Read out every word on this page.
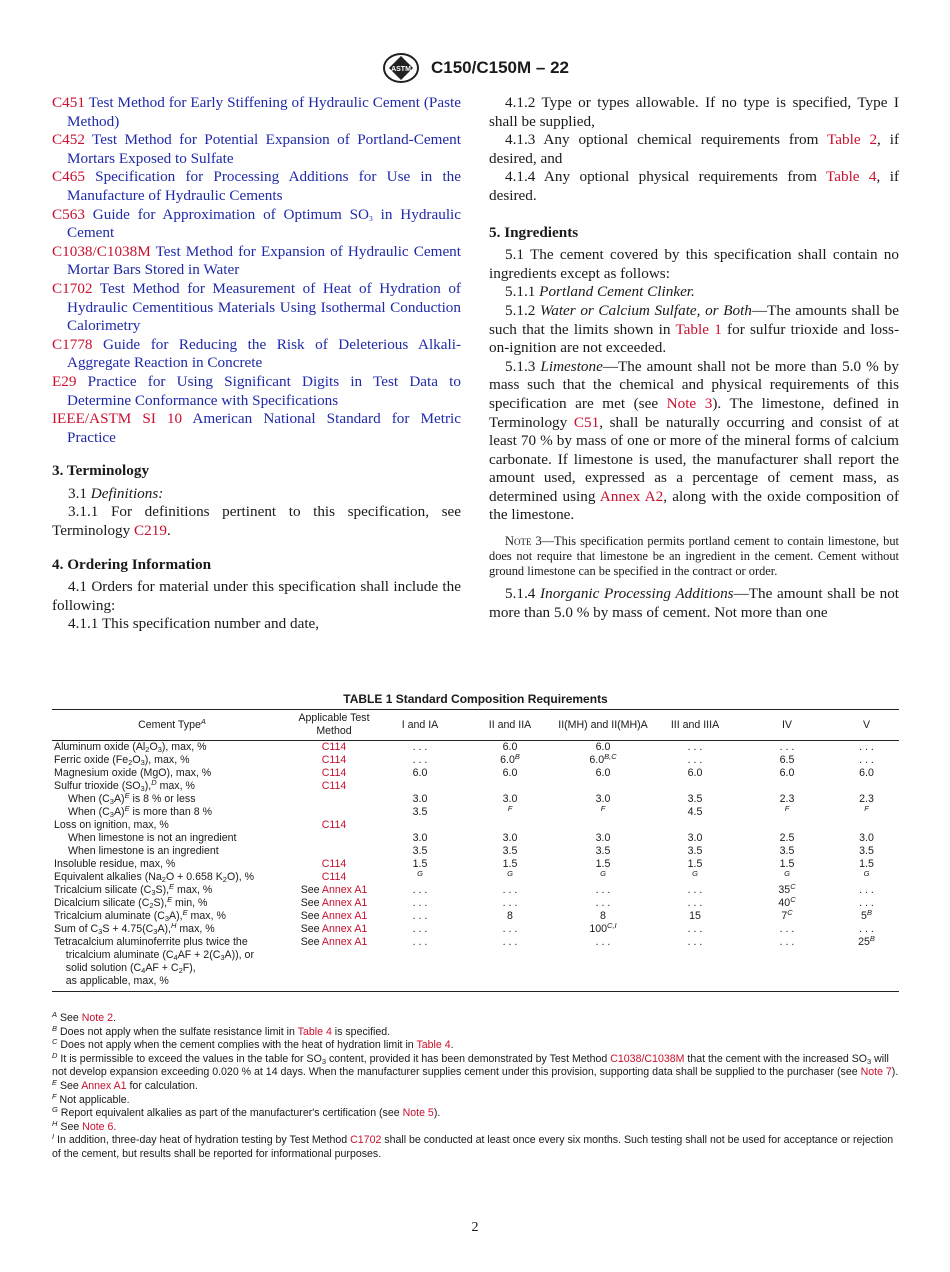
ASTM C150/C150M – 22

C451 Test Method for Early Stiffening of Hydraulic Cement (Paste Method)

C452 Test Method for Potential Expansion of Portland-Cement Mortars Exposed to Sulfate

C465 Specification for Processing Additions for Use in the Manufacture of Hydraulic Cements

C563 Guide for Approximation of Optimum $SO_3$ in Hydraulic Cement

C1038/C1038M Test Method for Expansion of Hydraulic Cement Mortar Bars Stored in Water

C1702 Test Method for Measurement of Heat of Hydration of Hydraulic Cementitious Materials Using Isothermal Conduction Calorimetry

C1778 Guide for Reducing the Risk of Deleterious Alkali-Aggregate Reaction in Concrete

E29 Practice for Using Significant Digits in Test Data to Determine Conformance with Specifications

IEEE/ASTM SI 10 American National Standard for Metric Practice

3. Terminology

3.1 Definitions:

3.1.1 For definitions pertinent to this specification, see Terminology C219.

4. Ordering Information

4.1 Orders for material under this specification shall include the following:

4.1.1 This specification number and date,

4.1.2 Type or types allowable. If no type is specified, Type I shall be supplied,

4.1.3 Any optional chemical requirements from Table 2, if desired, and

4.1.4 Any optional physical requirements from Table 4, if desired.

5. Ingredients

5.1 The cement covered by this specification shall contain no ingredients except as follows:

5.1.1 Portland Cement Clinker.

5.1.2 Water or Calcium Sulfate, or Both—The amounts shall be such that the limits shown in Table 1 for sulfur trioxide and loss-on-ignition are not exceeded.

5.1.3 Limestone—The amount shall not be more than 5.0 % by mass such that the chemical and physical requirements of this specification are met (see Note 3). The limestone, defined in Terminology C51, shall be naturally occurring and consist of at least 70 % by mass of one or more of the mineral forms of calcium carbonate. If limestone is used, the manufacturer shall report the amount used, expressed as a percentage of cement mass, as determined using Annex A2, along with the oxide composition of the limestone.

Note 3—This specification permits portland cement to contain limestone, but does not require that limestone be an ingredient in the cement. Cement without ground limestone can be specified in the contract or order.

5.1.4 Inorganic Processing Additions—The amount shall be not more than 5.0 % by mass of cement. Not more than one

TABLE 1 Standard Composition Requirements
Cement Type$^A$	Applicable Test Method	I and IA	II and IIA	II(MH) and II(MH)A	III and IIIA	IV	V
Aluminum oxide $(Al_2O_3)$, max, %	C114	. . .	6.0	6.0	. . .	. . .	. . .
Ferric oxide $(Fe_2O_3)$, max, %	C114	. . .	$6.0^B$	$6.0^{B,C}$	. . .	6.5	. . .
Magnesium oxide (MgO), max, %	C114	6.0	6.0	6.0	6.0	6.0	6.0
Sulfur trioxide $(SO_3),^D$ max, %	C114						
When $(C_3A)^E$ is 8 % or less		3.0	3.0	3.0	3.5	2.3	2.3
When $(C_3A)^E$ is more than 8 %		3.5	$^F$	$^F$	4.5	$^F$	$^F$
Loss on ignition, max, %	C114						
When limestone is not an ingredient		3.0	3.0	3.0	3.0	2.5	3.0
When limestone is an ingredient		3.5	3.5	3.5	3.5	3.5	3.5
Insoluble residue, max, %	C114	1.5	1.5	1.5	1.5	1.5	1.5
Equivalent alkalies ($Na_2O + 0.658$ $K_2O$), %	C114	$^G$	$^G$	$^G$	$^G$	$^G$	$^G$
Tricalcium silicate $(C_3S),^E$ max, %	See Annex A1	. . .	. . .	. . .	. . .	$35^C$	. . .
Dicalcium silicate $(C_2S),^E$ min, %	See Annex A1	. . .	. . .	. . .	. . .	$40^C$	. . .
Tricalcium aluminate $(C_3A),^E$ max, %	See Annex A1	. . .	8	8	15	$7^C$	$5^B$
Sum of $C_3S + 4.75(C_3A),^H$ max, %	See Annex A1	. . .	. . .	$100^{C,I}$	. . .	. . .	. . .
Tetracalcium aluminoferrite plus twice the
tricalcium aluminate $(C_4AF + 2(C_3A))$, or
solid solution $(C_4AF + C_2F)$,
as applicable, max, %	See Annex A1	. . .	. . .	. . .	. . .	. . .	$25^B$

$^A$ See Note 2.

$^B$ Does not apply when the sulfate resistance limit in Table 4 is specified.

$^C$ Does not apply when the cement complies with the heat of hydration limit in Table 4.

$^D$ It is permissible to exceed the values in the table for $SO_3$ content, provided it has been demonstrated by Test Method C1038/C1038M that the cement with the increased $SO_3$ will not develop expansion exceeding 0.020 % at 14 days. When the manufacturer supplies cement under this provision, supporting data shall be supplied to the purchaser (see Note 7).

$^E$ See Annex A1 for calculation.

$^F$ Not applicable.

$^G$ Report equivalent alkalies as part of the manufacturer's certification (see Note 5).

$^H$ See Note 6.

$^I$ In addition, three-day heat of hydration testing by Test Method C1702 shall be conducted at least once every six months. Such testing shall not be used for acceptance or rejection of the cement, but results shall be reported for informational purposes.

2
